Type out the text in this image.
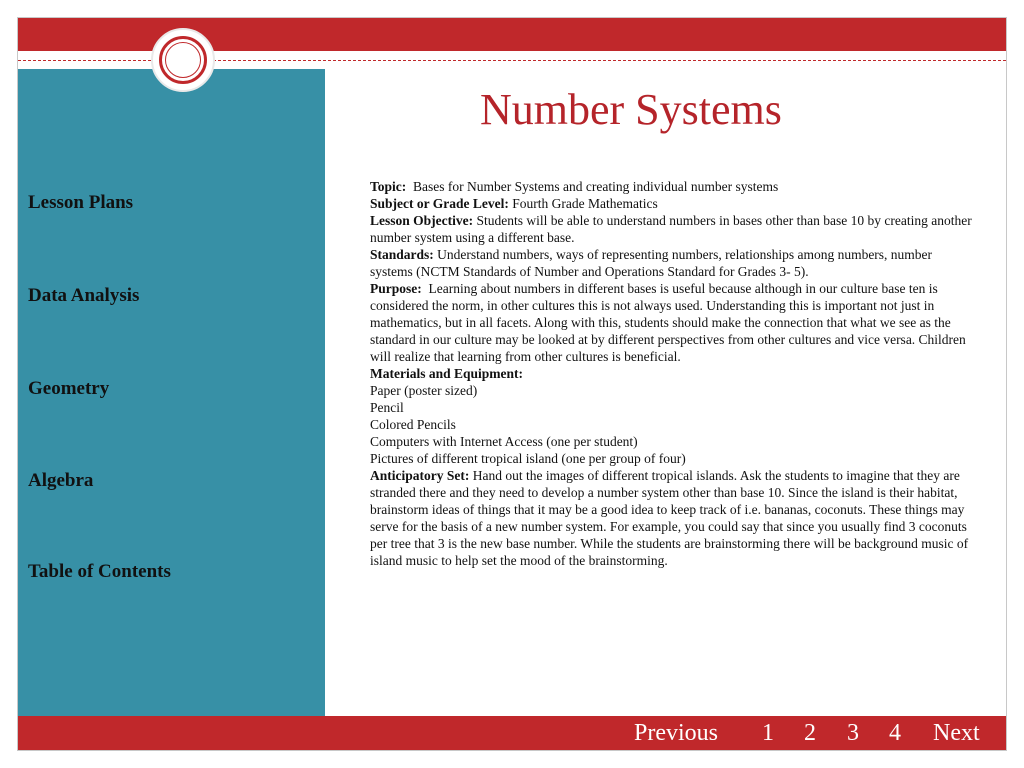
Lesson Plans
Data Analysis
Geometry
Algebra
Table of Contents
Number Systems

Topic: Bases for Number Systems and creating individual number systems

Subject or Grade Level: Fourth Grade Mathematics

Lesson Objective: Students will be able to understand numbers in bases other than base 10 by creating another number system using a different base.

Standards: Understand numbers, ways of representing numbers, relationships among numbers, number systems (NCTM Standards of Number and Operations Standard for Grades 3- 5).

Purpose: Learning about numbers in different bases is useful because although in our culture base ten is considered the norm, in other cultures this is not always used. Understanding this is important not just in mathematics, but in all facets. Along with this, students should make the connection that what we see as the standard in our culture may be looked at by different perspectives from other cultures and vice versa. Children will realize that learning from other cultures is beneficial.

Materials and Equipment:

Paper (poster sized)

Pencil

Colored Pencils

Computers with Internet Access (one per student)

Pictures of different tropical island (one per group of four)

Anticipatory Set: Hand out the images of different tropical islands. Ask the students to imagine that they are stranded there and they need to develop a number system other than base 10. Since the island is their habitat, brainstorm ideas of things that it may be a good idea to keep track of i.e. bananas, coconuts. These things may serve for the basis of a new number system. For example, you could say that since you usually find 3 coconuts per tree that 3 is the new base number. While the students are brainstorming there will be background music of island music to help set the mood of the brainstorming.

Previous 1 2 3 4 Next
